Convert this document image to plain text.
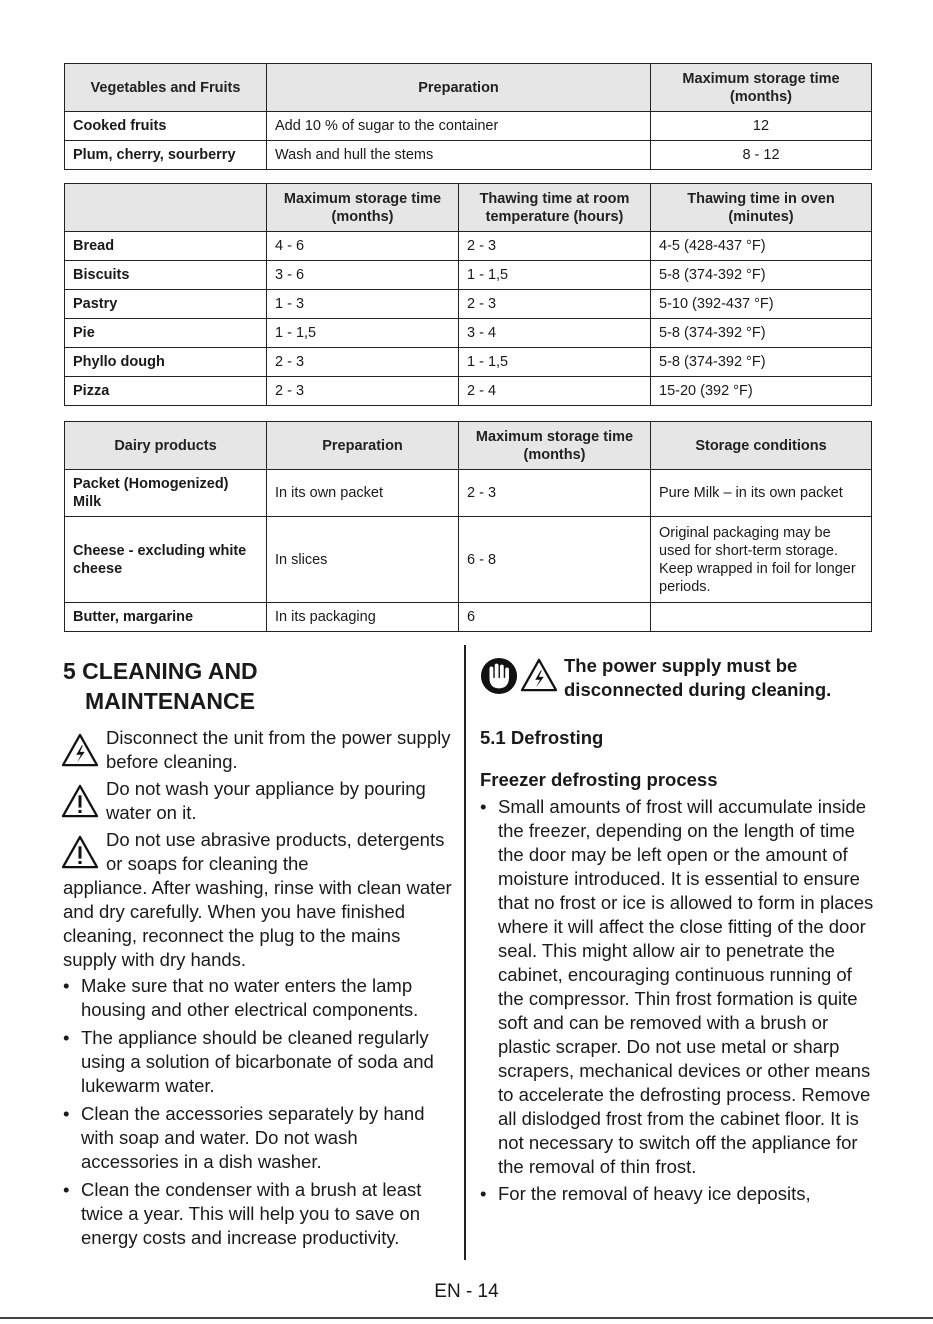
Vegetables and Fruits	Preparation	Maximum storage time (months)
Cooked fruits	Add 10 % of sugar to the container	12
Plum, cherry, sourberry	Wash and hull the stems	8 - 12
	Maximum storage time (months)	Thawing time at room temperature (hours)	Thawing time in oven (minutes)
Bread	4 - 6	2 - 3	4-5 (428-437 °F)
Biscuits	3 - 6	1 - 1,5	5-8 (374-392 °F)
Pastry	1 - 3	2 - 3	5-10 (392-437 °F)
Pie	1 - 1,5	3 - 4	5-8 (374-392 °F)
Phyllo dough	2 - 3	1 - 1,5	5-8 (374-392 °F)
Pizza	2 - 3	2 - 4	15-20 (392 °F)
Dairy products	Preparation	Maximum storage time (months)	Storage conditions
Packet (Homogenized) Milk	In its own packet	2 - 3	Pure Milk – in its own packet
Cheese - excluding white cheese	In slices	6 - 8	Original packaging may be used for short-term storage. Keep wrapped in foil for longer periods.
Butter, margarine	In its packaging	6	
5 CLEANING AND
MAINTENANCE
Disconnect the unit from the power supply before cleaning.
Do not wash your appliance by pouring water on it.
Do not use abrasive products, detergents or soaps for cleaning the
appliance. After washing, rinse with clean water and dry carefully. When you have finished cleaning, reconnect the plug to the mains supply with dry hands.
• Make sure that no water enters the lamp housing and other electrical components.
• The appliance should be cleaned regularly using a solution of bicarbonate of soda and lukewarm water.
• Clean the accessories separately by hand with soap and water. Do not wash accessories in a dish washer.
• Clean the condenser with a brush at least twice a year. This will help you to save on energy costs and increase productivity.
The power supply must be
disconnected during cleaning.
5.1 Defrosting
Freezer defrosting process
• Small amounts of frost will accumulate inside the freezer, depending on the length of time the door may be left open or the amount of moisture introduced. It is essential to ensure that no frost or ice is allowed to form in places where it will affect the close fitting of the door seal. This might allow air to penetrate the cabinet, encouraging continuous running of the compressor. Thin frost formation is quite soft and can be removed with a brush or plastic scraper. Do not use metal or sharp scrapers, mechanical devices or other means to accelerate the defrosting process. Remove all dislodged frost from the cabinet floor. It is not necessary to switch off the appliance for the removal of thin frost.
• For the removal of heavy ice deposits,
EN - 14
